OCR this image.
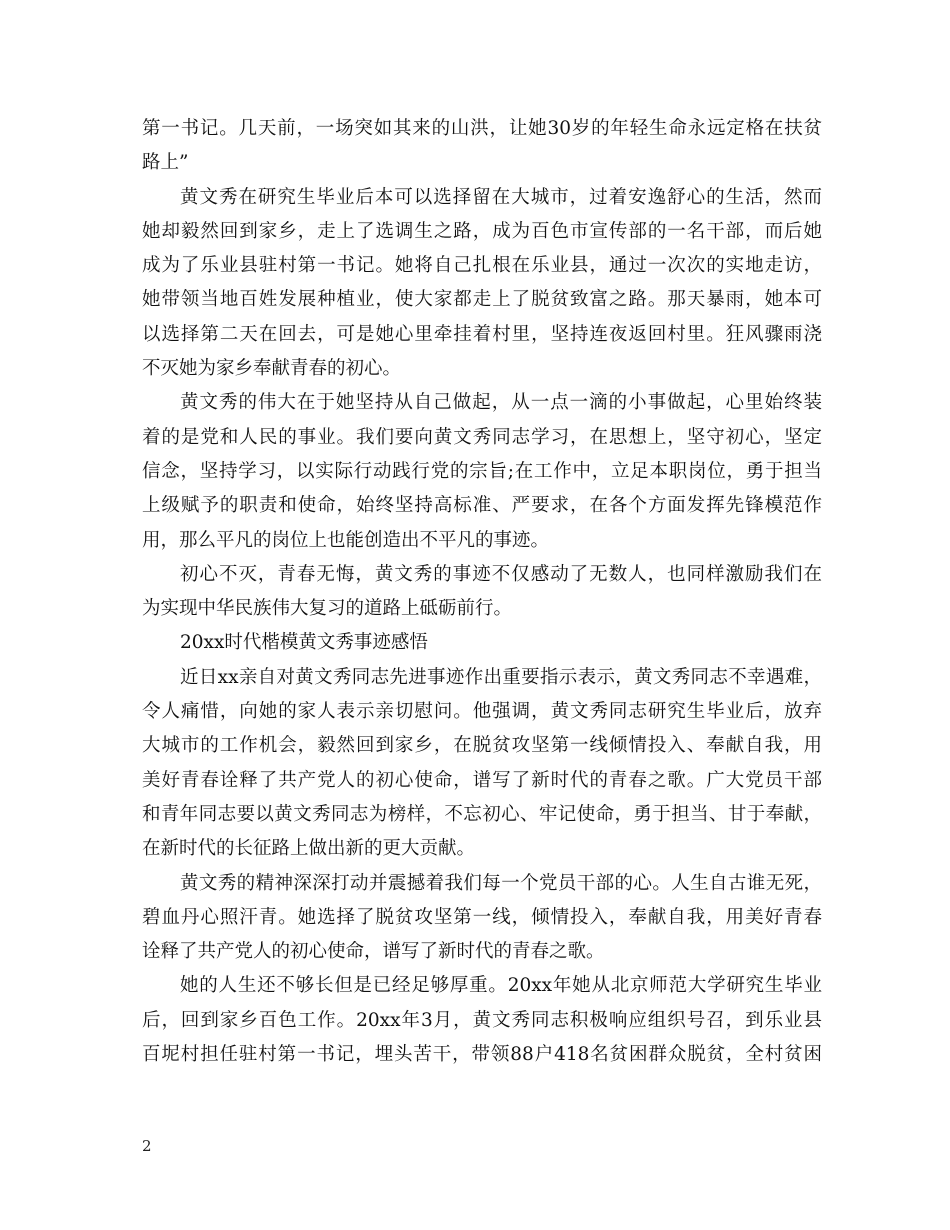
第一书记。几天前，一场突如其来的山洪，让她30岁的年轻生命永远定格在扶贫
路上”
黄文秀在研究生毕业后本可以选择留在大城市，过着安逸舒心的生活，然而
她却毅然回到家乡，走上了选调生之路，成为百色市宣传部的一名干部，而后她
成为了乐业县驻村第一书记。她将自己扎根在乐业县，通过一次次的实地走访，
她带领当地百姓发展种植业，使大家都走上了脱贫致富之路。那天暴雨，她本可
以选择第二天在回去，可是她心里牵挂着村里，坚持连夜返回村里。狂风骤雨浇
不灭她为家乡奉献青春的初心。
黄文秀的伟大在于她坚持从自己做起，从一点一滴的小事做起，心里始终装
着的是党和人民的事业。我们要向黄文秀同志学习，在思想上，坚守初心，坚定
信念，坚持学习，以实际行动践行党的宗旨;在工作中，立足本职岗位，勇于担当
上级赋予的职责和使命，始终坚持高标准、严要求，在各个方面发挥先锋模范作
用，那么平凡的岗位上也能创造出不平凡的事迹。
初心不灭，青春无悔，黄文秀的事迹不仅感动了无数人，也同样激励我们在
为实现中华民族伟大复习的道路上砥砺前行。
20xx时代楷模黄文秀事迹感悟
近日xx亲自对黄文秀同志先进事迹作出重要指示表示，黄文秀同志不幸遇难，
令人痛惜，向她的家人表示亲切慰问。他强调，黄文秀同志研究生毕业后，放弃
大城市的工作机会，毅然回到家乡，在脱贫攻坚第一线倾情投入、奉献自我，用
美好青春诠释了共产党人的初心使命，谱写了新时代的青春之歌。广大党员干部
和青年同志要以黄文秀同志为榜样，不忘初心、牢记使命，勇于担当、甘于奉献，
在新时代的长征路上做出新的更大贡献。
黄文秀的精神深深打动并震撼着我们每一个党员干部的心。人生自古谁无死，
碧血丹心照汗青。她选择了脱贫攻坚第一线，倾情投入，奉献自我，用美好青春
诠释了共产党人的初心使命，谱写了新时代的青春之歌。
她的人生还不够长但是已经足够厚重。20xx年她从北京师范大学研究生毕业
后，回到家乡百色工作。20xx年3月，黄文秀同志积极响应组织号召，到乐业县
百坭村担任驻村第一书记，埋头苦干，带领88户418名贫困群众脱贫，全村贫困
2
